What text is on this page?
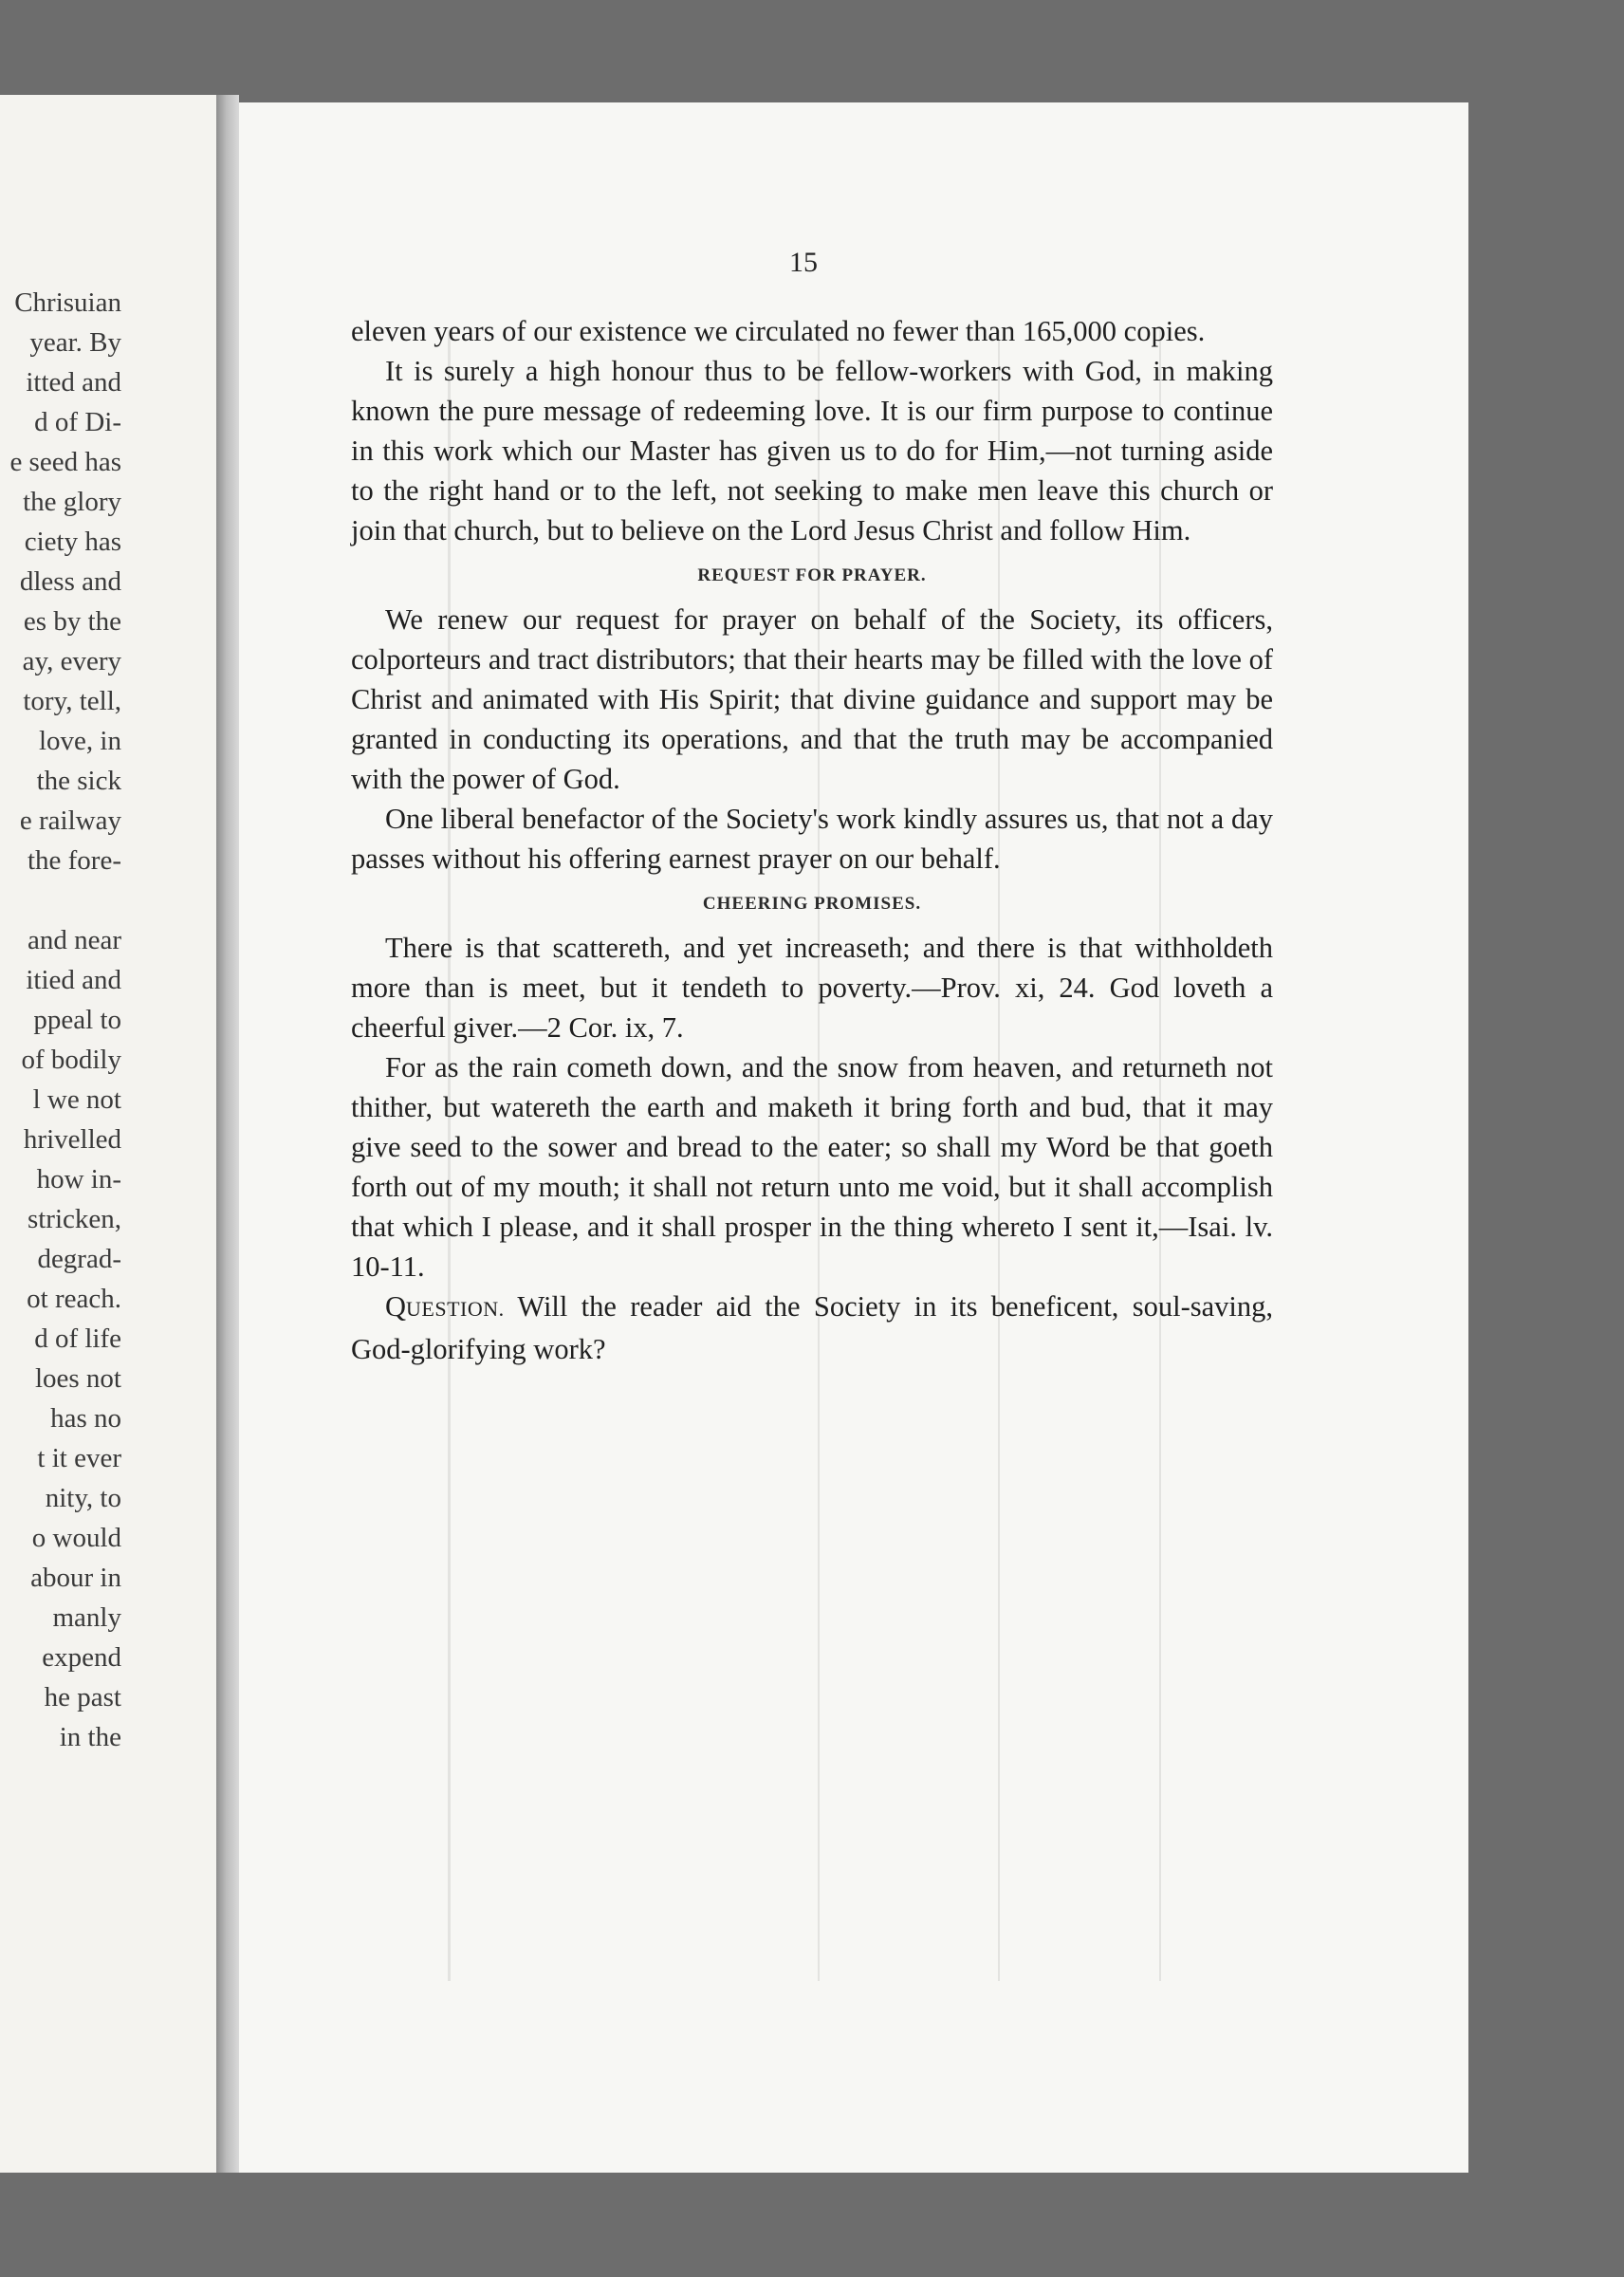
Chrisuian
year. By
itted and
d of Di-
e seed has
the glory
ciety has
dless and
es by the
ay, every
tory, tell,
love, in
the sick
e railway
the fore-
and near
itied and
ppeal to
of bodily
l we not
hrivelled
how in-
stricken,
degrad-
ot reach.
d of life
loes not
has no
t it ever
nity, to
o would
abour in
manly
expend
he past
in the
15

eleven years of our existence we circulated no fewer than 165,000 copies.

It is surely a high honour thus to be fellow-workers with God, in making known the pure message of redeeming love. It is our firm purpose to continue in this work which our Master has given us to do for Him,—not turning aside to the right hand or to the left, not seeking to make men leave this church or join that church, but to believe on the Lord Jesus Christ and follow Him.

REQUEST FOR PRAYER.

We renew our request for prayer on behalf of the Society, its officers, colporteurs and tract distributors; that their hearts may be filled with the love of Christ and animated with His Spirit; that divine guidance and support may be granted in conducting its operations, and that the truth may be accompanied with the power of God.

One liberal benefactor of the Society's work kindly assures us, that not a day passes without his offering earnest prayer on our behalf.

CHEERING PROMISES.

There is that scattereth, and yet increaseth; and there is that withholdeth more than is meet, but it tendeth to poverty.—Prov. xi, 24. God loveth a cheerful giver.—2 Cor. ix, 7.

For as the rain cometh down, and the snow from heaven, and returneth not thither, but watereth the earth and maketh it bring forth and bud, that it may give seed to the sower and bread to the eater; so shall my Word be that goeth forth out of my mouth; it shall not return unto me void, but it shall accomplish that which I please, and it shall prosper in the thing whereto I sent it,—Isai. lv. 10-11.

QUESTION. Will the reader aid the Society in its beneficent, soul-saving, God-glorifying work?
